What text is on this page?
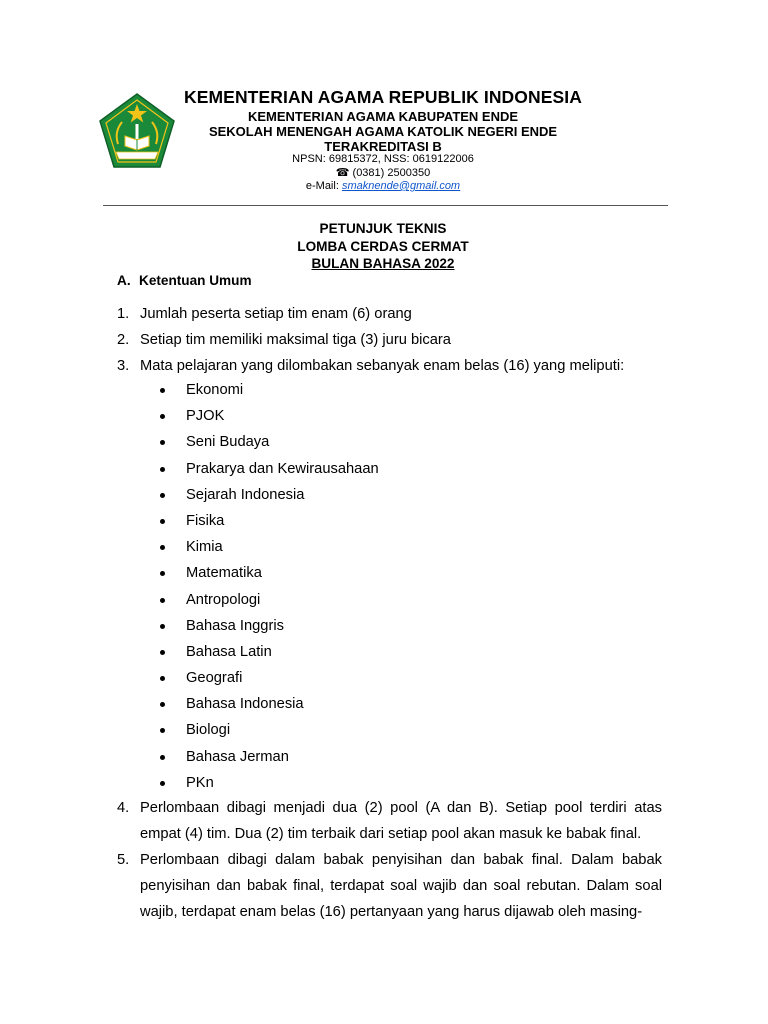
KEMENTERIAN AGAMA REPUBLIK INDONESIA
KEMENTERIAN AGAMA KABUPATEN ENDE
SEKOLAH MENENGAH AGAMA KATOLIK NEGERI ENDE
TERAKREDITASI B
NPSN: 69815372, NSS: 0619122006
☎ (0381) 2500350
e-Mail: smaknende@gmail.com
PETUNJUK TEKNIS
LOMBA CERDAS CERMAT
BULAN BAHASA 2022
A. Ketentuan Umum
1. Jumlah peserta setiap tim enam (6) orang
2. Setiap tim memiliki maksimal tiga (3) juru bicara
3. Mata pelajaran yang dilombakan sebanyak enam belas (16) yang meliputi:
Ekonomi
PJOK
Seni Budaya
Prakarya dan Kewirausahaan
Sejarah Indonesia
Fisika
Kimia
Matematika
Antropologi
Bahasa Inggris
Bahasa Latin
Geografi
Bahasa Indonesia
Biologi
Bahasa Jerman
PKn
4. Perlombaan dibagi menjadi dua (2) pool (A dan B). Setiap pool terdiri atas empat (4) tim. Dua (2) tim terbaik dari setiap pool akan masuk ke babak final.
5. Perlombaan dibagi dalam babak penyisihan dan babak final. Dalam babak penyisihan dan babak final, terdapat soal wajib dan soal rebutan. Dalam soal wajib, terdapat enam belas (16) pertanyaan yang harus dijawab oleh masing-
